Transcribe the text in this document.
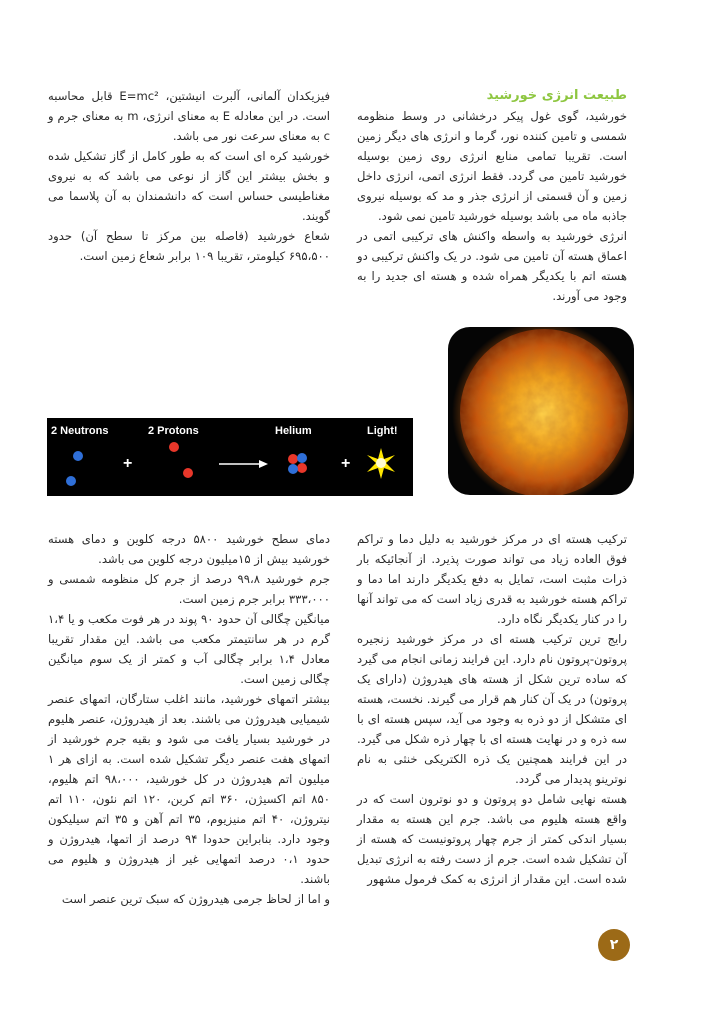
طبیعت انرژی خورشید

خورشید، گوی غول پیکر درخشانی در وسط منظومه شمسی و تامین کننده نور، گرما و انرژی های دیگر زمین است. تقریبا تمامی منابع انرژی روی زمین بوسیله خورشید تامین می گردد. فقط انرژی اتمی، انرژی داخل زمین و آن قسمتی از انرژی جذر و مد که بوسیله نیروی جاذبه ماه می باشد بوسیله خورشید تامین نمی شود.

انرژی خورشید به واسطه واکنش های ترکیبی اتمی در اعماق هسته آن تامین می شود. در یک واکنش ترکیبی دو هسته اتم با یکدیگر همراه شده و هسته ای جدید را به وجود می آورند.

فیزیکدان آلمانی، آلبرت انیشتین، E=mc² قابل محاسبه است. در این معادله E به معنای انرژی، m به معنای جرم و c به معنای سرعت نور می باشد.

خورشید کره ای است که به طور کامل از گاز تشکیل شده و بخش بیشتر این گاز از نوعی می باشد که به نیروی مغناطیسی حساس است که دانشمندان به آن پلاسما می گویند.

شعاع خورشید (فاصله بین مرکز تا سطح آن) حدود ۶۹۵،۵۰۰ کیلومتر، تقریبا ۱۰۹ برابر شعاع زمین است.

2 Neutrons	2 Protons	Helium	Light!
+	+

ترکیب هسته ای در مرکز خورشید به دلیل دما و تراکم فوق العاده زیاد می تواند صورت پذیرد. از آنجائیکه بار ذرات مثبت است، تمایل به دفع یکدیگر دارند اما دما و تراکم هسته خورشید به قدری زیاد است که می تواند آنها را در کنار یکدیگر نگاه دارد.

رایج ترین ترکیب هسته ای در مرکز خورشید زنجیره پروتون-پروتون نام دارد. این فرایند زمانی انجام می گیرد که ساده ترین شکل از هسته های هیدروژن (دارای یک پروتون) در یک آن کنار هم قرار می گیرند. نخست، هسته ای متشکل از دو ذره به وجود می آید، سپس هسته ای با سه ذره و در نهایت هسته ای با چهار ذره شکل می گیرد. در این فرایند همچنین یک ذره الکتریکی خنثی به نام نوترینو پدیدار می گردد.

هسته نهایی شامل دو پروتون و دو نوترون است که در واقع هسته هلیوم می باشد. جرم این هسته به مقدار بسیار اندکی کمتر از جرم چهار پروتونیست که هسته از آن تشکیل شده است. جرم از دست رفته به انرژی تبدیل شده است. این مقدار از انرژی به کمک فرمول مشهور

دمای سطح خورشید ۵۸۰۰ درجه کلوین و دمای هسته خورشید بیش از ۱۵میلیون درجه کلوین می باشد.

جرم خورشید ۹۹،۸ درصد از جرم کل منظومه شمسی و ۳۳۳،۰۰۰ برابر جرم زمین است.

میانگین چگالی آن حدود ۹۰ پوند در هر فوت مکعب و یا ۱،۴ گرم در هر سانتیمتر مکعب می باشد. این مقدار تقریبا معادل ۱،۴ برابر چگالی آب و کمتر از یک سوم میانگین چگالی زمین است.

بیشتر اتمهای خورشید، مانند اغلب ستارگان، اتمهای عنصر شیمیایی هیدروژن می باشند. بعد از هیدروژن، عنصر هلیوم در خورشید بسیار یافت می شود و بقیه جرم خورشید از اتمهای هفت عنصر دیگر تشکیل شده است. به ازای هر ۱ میلیون اتم هیدروژن در کل خورشید، ۹۸،۰۰۰ اتم هلیوم، ۸۵۰ اتم اکسیژن، ۳۶۰ اتم کربن، ۱۲۰ اتم نئون، ۱۱۰ اتم نیتروژن، ۴۰ اتم منیزیوم، ۳۵ اتم آهن و ۳۵ اتم سیلیکون وجود دارد. بنابراین حدودا ۹۴ درصد از اتمها، هیدروژن و حدود ۰،۱ درصد اتمهایی غیر از هیدروژن و هلیوم می باشند.

و اما از لحاظ جرمی هیدروژن که سبک ترین عنصر است

۲
